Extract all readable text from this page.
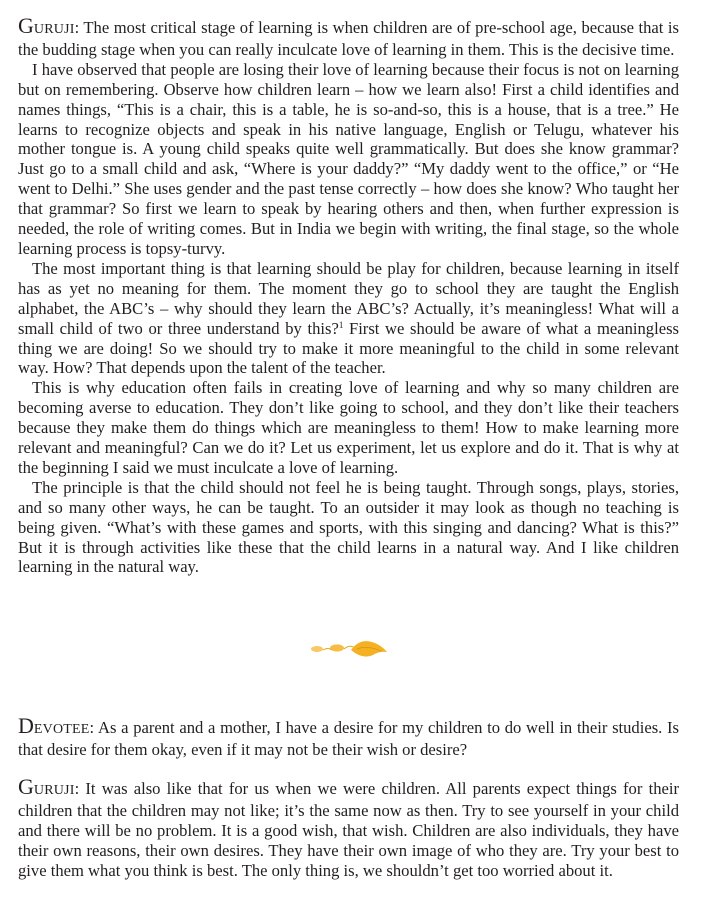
GURUJI: The most critical stage of learning is when children are of pre-school age, because that is the budding stage when you can really inculcate love of learning in them. This is the decisive time.

I have observed that people are losing their love of learning because their focus is not on learning but on remembering. Observe how children learn – how we learn also! First a child identifies and names things, “This is a chair, this is a table, he is so-and-so, this is a house, that is a tree.” He learns to recognize objects and speak in his native language, English or Telugu, whatever his mother tongue is. A young child speaks quite well grammatically. But does she know grammar? Just go to a small child and ask, “Where is your daddy?” “My daddy went to the office,” or “He went to Delhi.” She uses gender and the past tense correctly – how does she know? Who taught her that grammar? So first we learn to speak by hearing others and then, when further expression is needed, the role of writing comes. But in India we begin with writing, the final stage, so the whole learning process is topsy-turvy.

The most important thing is that learning should be play for children, because learning in itself has as yet no meaning for them. The moment they go to school they are taught the English alphabet, the ABC’s – why should they learn the ABC’s? Actually, it’s meaningless! What will a small child of two or three understand by this?$^1$ First we should be aware of what a meaningless thing we are doing! So we should try to make it more meaningful to the child in some relevant way. How? That depends upon the talent of the teacher.

This is why education often fails in creating love of learning and why so many children are becoming averse to education. They don’t like going to school, and they don’t like their teachers because they make them do things which are meaningless to them! How to make learning more relevant and meaningful? Can we do it? Let us experiment, let us explore and do it. That is why at the beginning I said we must inculcate a love of learning.

The principle is that the child should not feel he is being taught. Through songs, plays, stories, and so many other ways, he can be taught. To an outsider it may look as though no teaching is being given. “What’s with these games and sports, with this singing and dancing? What is this?” But it is through activities like these that the child learns in a natural way. And I like children learning in the natural way.

DEVOTEE: As a parent and a mother, I have a desire for my children to do well in their studies. Is that desire for them okay, even if it may not be their wish or desire?

GURUJI: It was also like that for us when we were children. All parents expect things for their children that the children may not like; it’s the same now as then. Try to see yourself in your child and there will be no problem. It is a good wish, that wish. Children are also individuals, they have their own reasons, their own desires. They have their own image of who they are. Try your best to give them what you think is best. The only thing is, we shouldn’t get too worried about it.
